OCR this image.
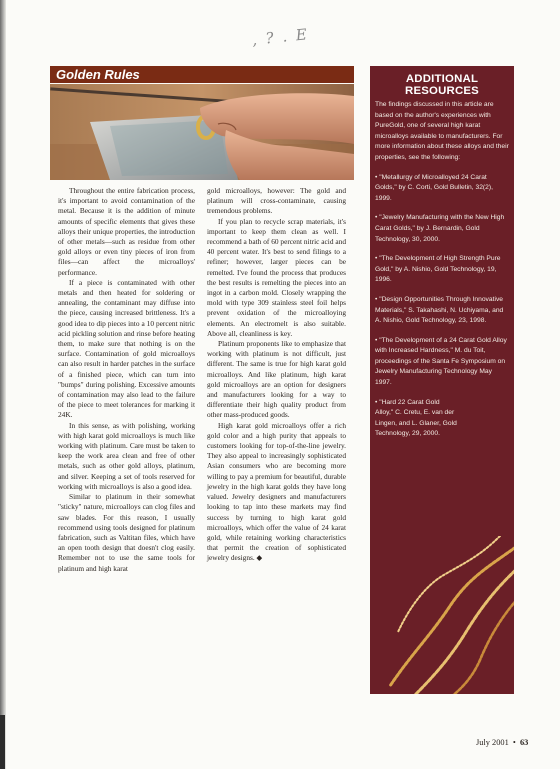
, ? . E
Golden Rules

Throughout the entire fabrication process, it's important to avoid contamination of the metal. Because it is the addition of minute amounts of specific elements that gives these alloys their unique properties, the introduction of other metals—such as residue from other gold alloys or even tiny pieces of iron from files—can affect the microalloys' performance.

If a piece is contaminated with other metals and then heated for soldering or annealing, the contaminant may diffuse into the piece, causing increased brittleness. It's a good idea to dip pieces into a 10 percent nitric acid pickling solution and rinse before heating them, to make sure that nothing is on the surface. Contamination of gold microalloys can also result in harder patches in the surface of a finished piece, which can turn into "bumps" during polishing. Excessive amounts of contamination may also lead to the failure of the piece to meet tolerances for marking it 24K.

In this sense, as with polishing, working with high karat gold microalloys is much like working with platinum. Care must be taken to keep the work area clean and free of other metals, such as other gold alloys, platinum, and silver. Keeping a set of tools reserved for working with microalloys is also a good idea.

Similar to platinum in their somewhat "sticky" nature, microalloys can clog files and saw blades. For this reason, I usually recommend using tools designed for platinum fabrication, such as Valtitan files, which have an open tooth design that doesn't clog easily. Remember not to use the same tools for platinum and high karat

gold microalloys, however: The gold and platinum will cross-contaminate, causing tremendous problems.

If you plan to recycle scrap materials, it's important to keep them clean as well. I recommend a bath of 60 percent nitric acid and 40 percent water. It's best to send filings to a refiner; however, larger pieces can be remelted. I've found the process that produces the best results is remelting the pieces into an ingot in a carbon mold. Closely wrapping the mold with type 309 stainless steel foil helps prevent oxidation of the microalloying elements. An electromelt is also suitable. Above all, cleanliness is key.

Platinum proponents like to emphasize that working with platinum is not difficult, just different. The same is true for high karat gold microalloys. And like platinum, high karat gold microalloys are an option for designers and manufacturers looking for a way to differentiate their high quality product from other mass-produced goods.

High karat gold microalloys offer a rich gold color and a high purity that appeals to customers looking for top-of-the-line jewelry. They also appeal to increasingly sophisticated Asian consumers who are becoming more willing to pay a premium for beautiful, durable jewelry in the high karat golds they have long valued. Jewelry designers and manufacturers looking to tap into these markets may find success by turning to high karat gold microalloys, which offer the value of 24 karat gold, while retaining working characteristics that permit the creation of sophisticated jewelry designs. ◆

ADDITIONAL RESOURCES

The findings discussed in this article are based on the author's experiences with PureGold, one of several high karat microalloys available to manufacturers. For more information about these alloys and their properties, see the following:

• "Metallurgy of Microalloyed 24 Carat Golds," by C. Corti, Gold Bulletin, 32(2), 1999.

• "Jewelry Manufacturing with the New High Carat Golds," by J. Bernardin, Gold Technology, 30, 2000.

• "The Development of High Strength Pure Gold," by A. Nishio, Gold Technology, 19, 1996.

• "Design Opportunities Through Innovative Materials," S. Takahashi, N. Uchiyama, and A. Nishio, Gold Technology, 23, 1998.

• "The Development of a 24 Carat Gold Alloy with Increased Hardness," M. du Toit, proceedings of the Santa Fe Symposium on Jewelry Manufacturing Technology May 1997.

• "Hard 22 Carat Gold Alloy," C. Cretu, E. van der Lingen, and L. Glaner, Gold Technology, 29, 2000.

July 2001 • 63
